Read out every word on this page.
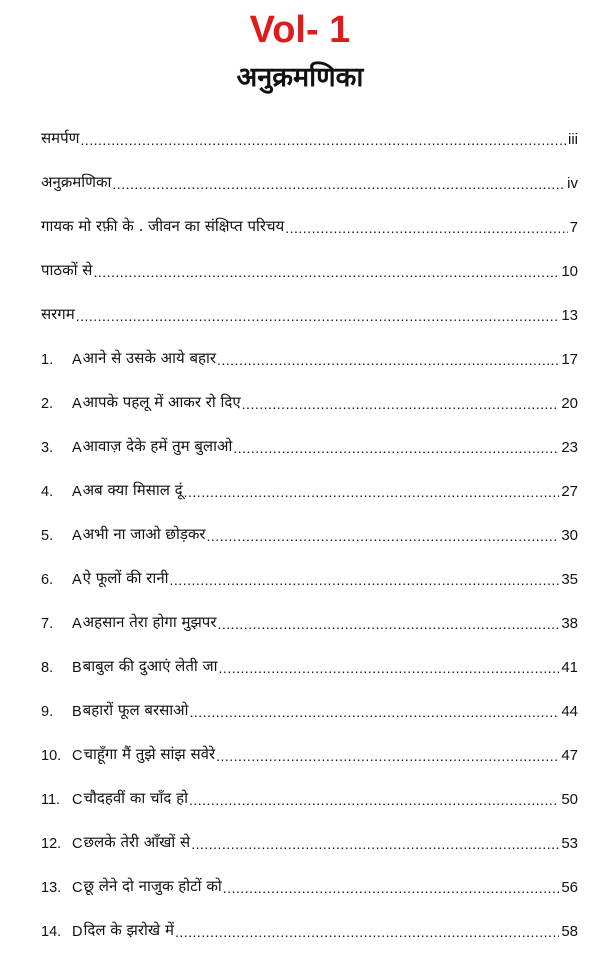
Vol- 1
अनुक्रमणिका
समर्पण .....	iii
अनुक्रमणिका .....	iv
गायक मो रफ़ी के . जीवन का संक्षिप्त परिचय .....	7
पाठकों से .....	10
सरगम .....	13
1.	A आने से उसके आये बहार .....	17
2.	A आपके पहलू में आकर रो दिए .....	20
3.	A आवाज़ देके हमें तुम बुलाओ .....	23
4.	A अब क्या मिसाल दूं .....	27
5.	A अभी ना जाओ छोड़कर .....	30
6.	A ऐ फूलों की रानी .....	35
7.	A अहसान तेरा होगा मुझपर .....	38
8.	B बाबुल की दुआएं लेती जा .....	41
9.	B बहारों फूल बरसाओ .....	44
10. C चाहूँगा मैं तुझे सांझ सवेरे .....	47
11. C चौदहवीं का चाँद हो .....	50
12. C छलके तेरी आँखों से .....	53
13. C छू लेने दो नाजुक होटों को .....	56
14. D दिल के झरोखे में .....	58
